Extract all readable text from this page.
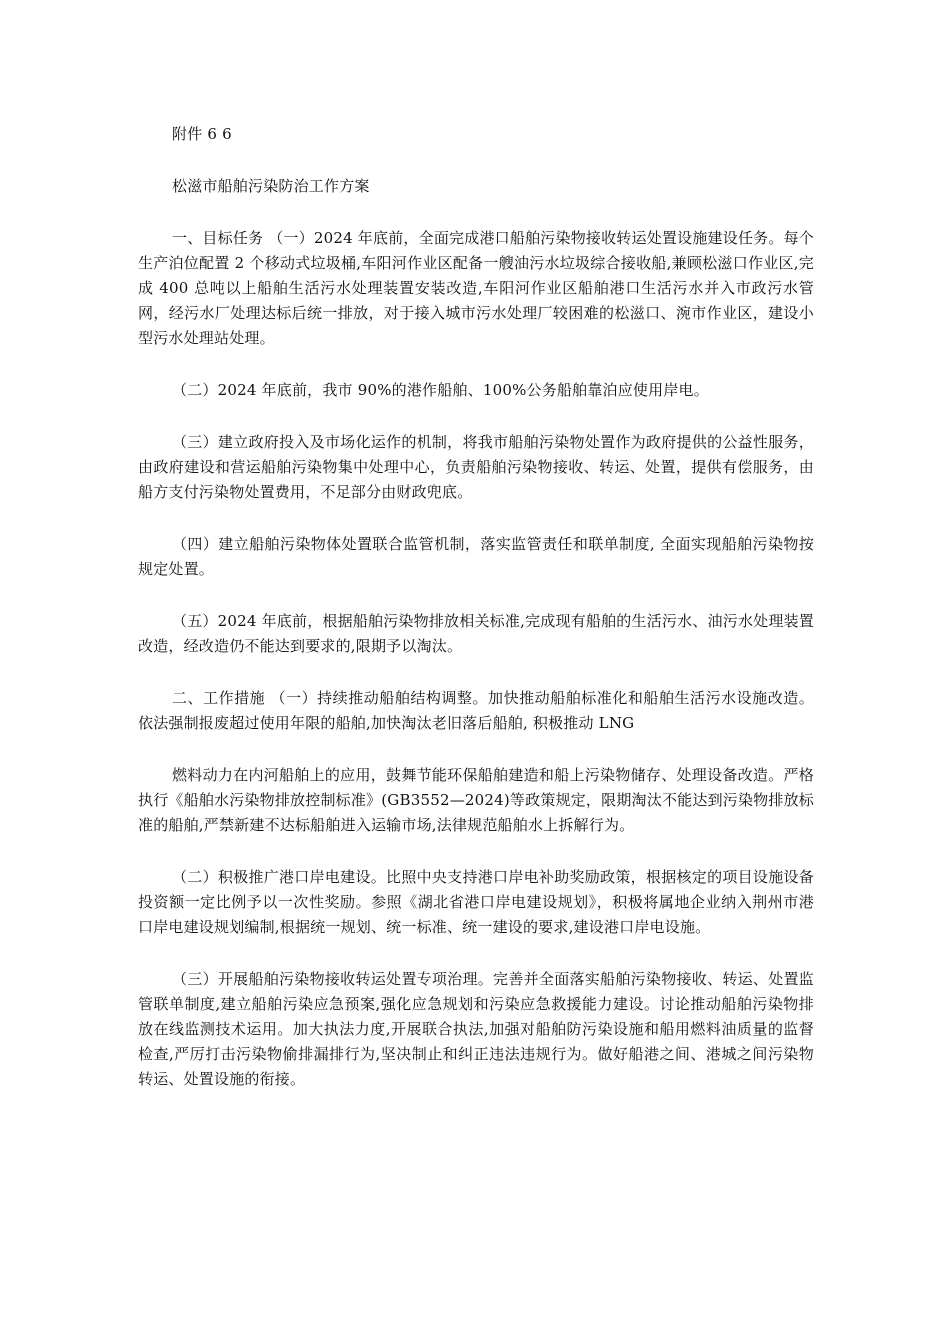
附件 6 6

松滋市船舶污染防治工作方案

一、目标任务 （一）2024 年底前，全面完成港口船舶污染物接收转运处置设施建设任务。每个生产泊位配置 2 个移动式垃圾桶,车阳河作业区配备一艘油污水垃圾综合接收船,兼顾松滋口作业区,完成 400 总吨以上船舶生活污水处理装置安装改造,车阳河作业区船舶港口生活污水并入市政污水管网，经污水厂处理达标后统一排放，对于接入城市污水处理厂较困难的松滋口、涴市作业区，建设小型污水处理站处理。

（二）2024 年底前，我市 90%的港作船舶、100%公务船舶靠泊应使用岸电。

（三）建立政府投入及市场化运作的机制，将我市船舶污染物处置作为政府提供的公益性服务，由政府建设和营运船舶污染物集中处理中心，负责船舶污染物接收、转运、处置，提供有偿服务，由船方支付污染物处置费用，不足部分由财政兜底。

（四）建立船舶污染物体处置联合监管机制，落实监管责任和联单制度, 全面实现船舶污染物按规定处置。

（五）2024 年底前，根据船舶污染物排放相关标准,完成现有船舶的生活污水、油污水处理装置改造，经改造仍不能达到要求的,限期予以淘汰。

二、工作措施 （一）持续推动船舶结构调整。加快推动船舶标准化和船舶生活污水设施改造。依法强制报废超过使用年限的船舶,加快淘汰老旧落后船舶, 积极推动 LNG

燃料动力在内河船舶上的应用，鼓舞节能环保船舶建造和船上污染物储存、处理设备改造。严格执行《船舶水污染物排放控制标准》(GB3552—2024)等政策规定，限期淘汰不能达到污染物排放标准的船舶,严禁新建不达标船舶进入运输市场,法律规范船舶水上拆解行为。

（二）积极推广港口岸电建设。比照中央支持港口岸电补助奖励政策，根据核定的项目设施设备投资额一定比例予以一次性奖励。参照《湖北省港口岸电建设规划》，积极将属地企业纳入荆州市港口岸电建设规划编制,根据统一规划、统一标准、统一建设的要求,建设港口岸电设施。

（三）开展船舶污染物接收转运处置专项治理。完善并全面落实船舶污染物接收、转运、处置监管联单制度,建立船舶污染应急预案,强化应急规划和污染应急救援能力建设。讨论推动船舶污染物排放在线监测技术运用。加大执法力度,开展联合执法,加强对船舶防污染设施和船用燃料油质量的监督检查,严厉打击污染物偷排漏排行为,坚决制止和纠正违法违规行为。做好船港之间、港城之间污染物转运、处置设施的衔接。
